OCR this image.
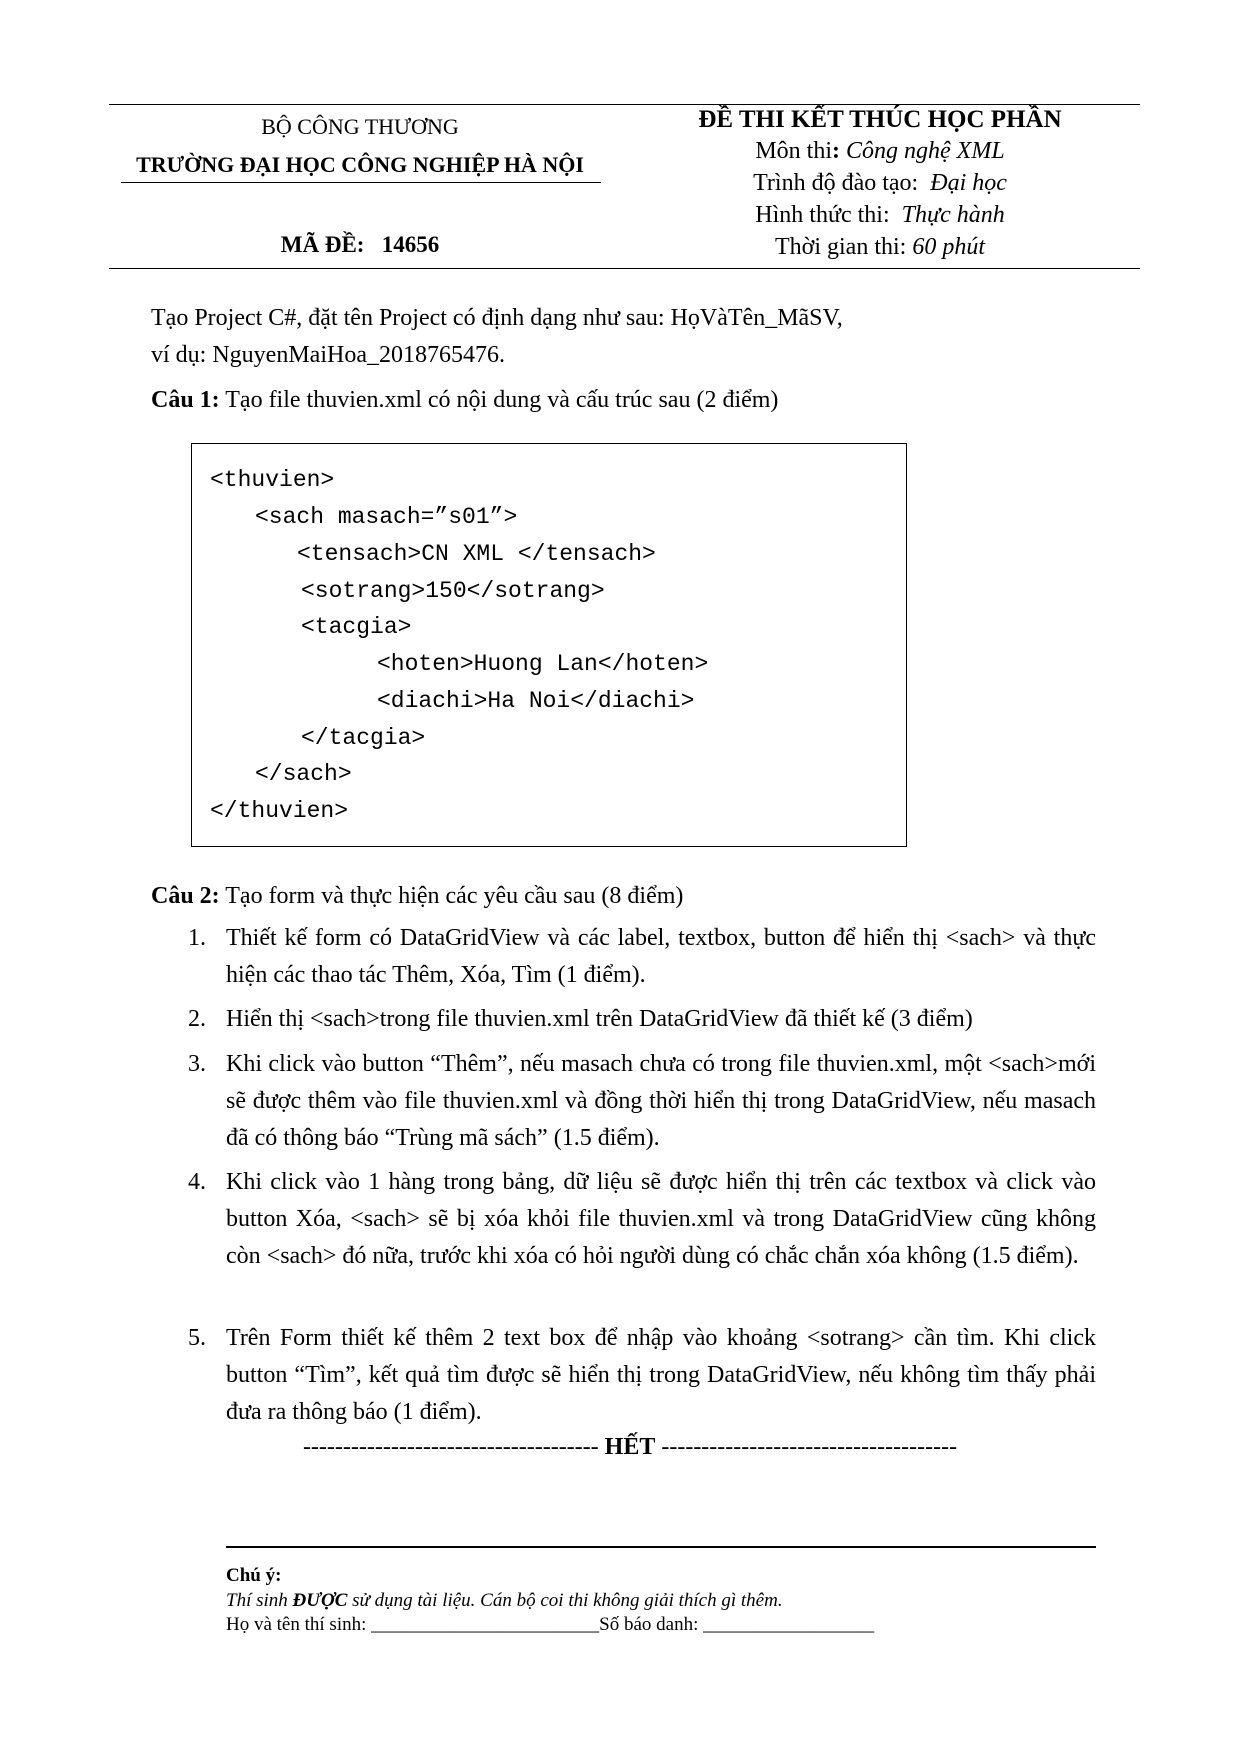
BỘ CÔNG THƯƠNG
TRƯỜNG ĐẠI HỌC CÔNG NGHIỆP HÀ NỘI
MÃ ĐỀ: 14656
ĐỀ THI KẾT THÚC HỌC PHẦN
Môn thi: Công nghệ XML
Trình độ đào tạo: Đại học
Hình thức thi: Thực hành
Thời gian thi: 60 phút
Tạo Project C#, đặt tên Project có định dạng như sau: HọVàTên_MãSV,
ví dụ: NguyenMaiHoa_2018765476.
Câu 1: Tạo file thuvien.xml có nội dung và cấu trúc sau (2 điểm)
<thuvien>
<sach masach=”s01”>
<tensach>CN XML </tensach>
<sotrang>150</sotrang>
<tacgia>
<hoten>Huong Lan</hoten>
<diachi>Ha Noi</diachi>
</tacgia>
</sach>
</thuvien>
Câu 2: Tạo form và thực hiện các yêu cầu sau (8 điểm)
1. Thiết kế form có DataGridView và các label, textbox, button để hiển thị <sach> và thực hiện các thao tác Thêm, Xóa, Tìm (1 điểm).
2. Hiển thị <sach>trong file thuvien.xml trên DataGridView đã thiết kế (3 điểm)
3. Khi click vào button “Thêm”, nếu masach chưa có trong file thuvien.xml, một <sach>mới sẽ được thêm vào file thuvien.xml và đồng thời hiển thị trong DataGridView, nếu masach đã có thông báo “Trùng mã sách” (1.5 điểm).
4. Khi click vào 1 hàng trong bảng, dữ liệu sẽ được hiển thị trên các textbox và click vào button Xóa, <sach> sẽ bị xóa khỏi file thuvien.xml và trong DataGridView cũng không còn <sach> đó nữa, trước khi xóa có hỏi người dùng có chắc chắn xóa không (1.5 điểm).
5. Trên Form thiết kế thêm 2 text box để nhập vào khoảng <sotrang> cần tìm. Khi click button “Tìm”, kết quả tìm được sẽ hiển thị trong DataGridView, nếu không tìm thấy phải đưa ra thông báo (1 điểm).
------------------------------------- HẾT -------------------------------------
Chú ý:
Thí sinh ĐƯỢC sử dụng tài liệu. Cán bộ coi thi không giải thích gì thêm.
Họ và tên thí sinh: ________________________Số báo danh: __________________
